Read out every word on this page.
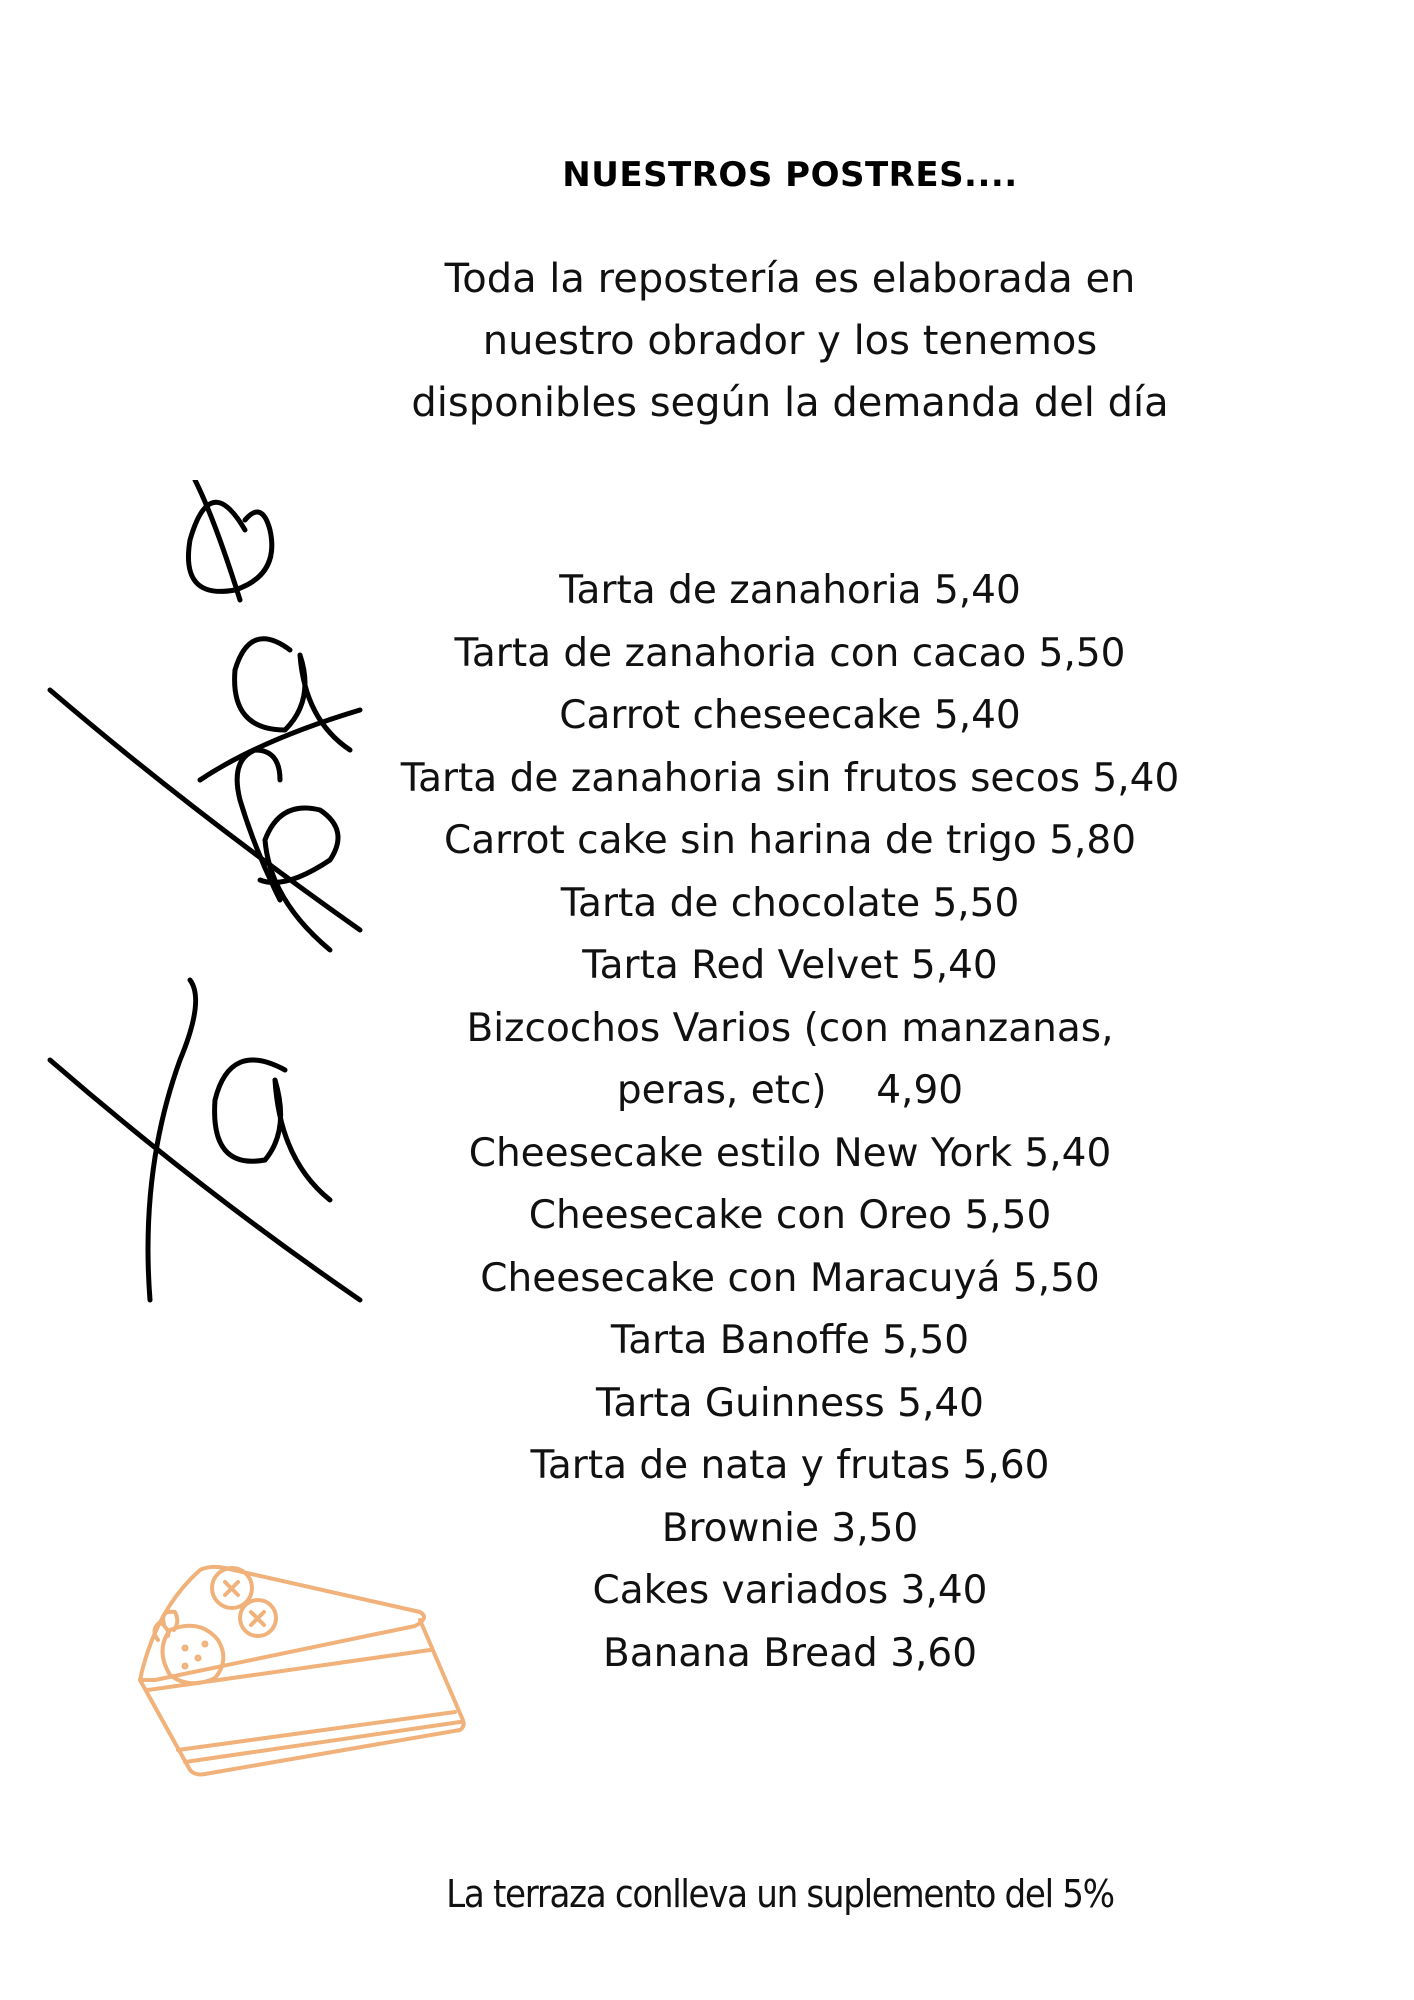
NUESTROS POSTRES....
Toda la repostería es elaborada en
nuestro obrador y los tenemos
disponibles según la demanda del día
Tarta de zanahoria 5,40
Tarta de zanahoria con cacao 5,50
Carrot cheseecake 5,40
Tarta de zanahoria sin frutos secos 5,40
Carrot cake sin harina de trigo 5,80
Tarta de chocolate 5,50
Tarta Red Velvet 5,40
Bizcochos Varios (con manzanas,
peras, etc)    4,90
Cheesecake estilo New York 5,40
Cheesecake con Oreo 5,50
Cheesecake con Maracuyá 5,50
Tarta Banoffe 5,50
Tarta Guinness 5,40
Tarta de nata y frutas 5,60
Brownie 3,50
Cakes variados 3,40
Banana Bread 3,60

La terraza conlleva un suplemento del 5%
